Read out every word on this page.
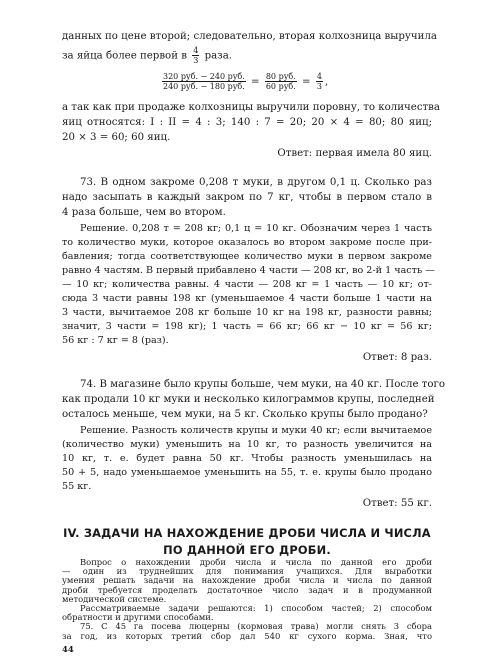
данных по цене второй; следовательно, вторая колхозница выручила
за яйца более первой в $\frac{4}{3}$ раза.
$\frac{\text{320 руб. − 240 руб.}}{\text{240 руб. − 180 руб.}} = \frac{\text{80 руб.}}{\text{60 руб.}} = \frac{4}{3}$ ,
а так как при продаже колхозницы выручили поровну, то количества
яиц относятся: I : II = 4 : 3; 140 : 7 = 20; 20 × 4 = 80; 80 яиц;
20 × 3 = 60; 60 яиц.
Ответ: первая имела 80 яиц.
73. В одном закроме 0,208 т муки, в другом 0,1 ц. Сколько раз
надо засыпать в каждый закром по 7 кг, чтобы в первом стало в
4 раза больше, чем во втором.
Решение. 0,208 т = 208 кг; 0,1 ц = 10 кг. Обозначим через 1 часть
то количество муки, которое оказалось во втором закроме после при-
бавления; тогда соответствующее количество муки в первом закроме
равно 4 частям. В первый прибавлено 4 части — 208 кг, во 2-й 1 часть —
— 10 кг; количества равны. 4 части — 208 кг = 1 часть — 10 кг; от-
сюда 3 части равны 198 кг (уменьшаемое 4 части больше 1 части на
3 части, вычитаемое 208 кг больше 10 кг на 198 кг, разности равны;
значит, 3 части = 198 кг); 1 часть = 66 кг; 66 кг − 10 кг = 56 кг;
56 кг : 7 кг = 8 (раз).
Ответ: 8 раз.
74. В магазине было крупы больше, чем муки, на 40 кг. После того
как продали 10 кг муки и несколько килограммов крупы, последней
осталось меньше, чем муки, на 5 кг. Сколько крупы было продано?
Решение. Разность количеств крупы и муки 40 кг; если вычитаемое
(количество муки) уменьшить на 10 кг, то разность увеличится на
10 кг, т. е. будет равна 50 кг. Чтобы разность уменьшилась на
50 + 5, надо уменьшаемое уменьшить на 55, т. е. крупы было продано
55 кг.
Ответ: 55 кг.
IV. ЗАДАЧИ НА НАХОЖДЕНИЕ ДРОБИ ЧИСЛА И ЧИСЛА
ПО ДАННОЙ ЕГО ДРОБИ.
Вопрос о нахождении дроби числа и числа по данной его дроби
— один из труднейших для понимания учащихся. Для выработки
умения решать задачи на нахождение дроби числа и числа по данной
дроби требуется проделать достаточное число задач и в продуманной
методической системе.
44
Рассматриваемые задачи решаются: 1) способом частей; 2) способом
обратности и другими способами.
75. С 45 га посева люцерны (кормовая трава) могли снять 3 сбора
за год, из которых третий сбор дал 540 кг сухого корма. Зная, что
